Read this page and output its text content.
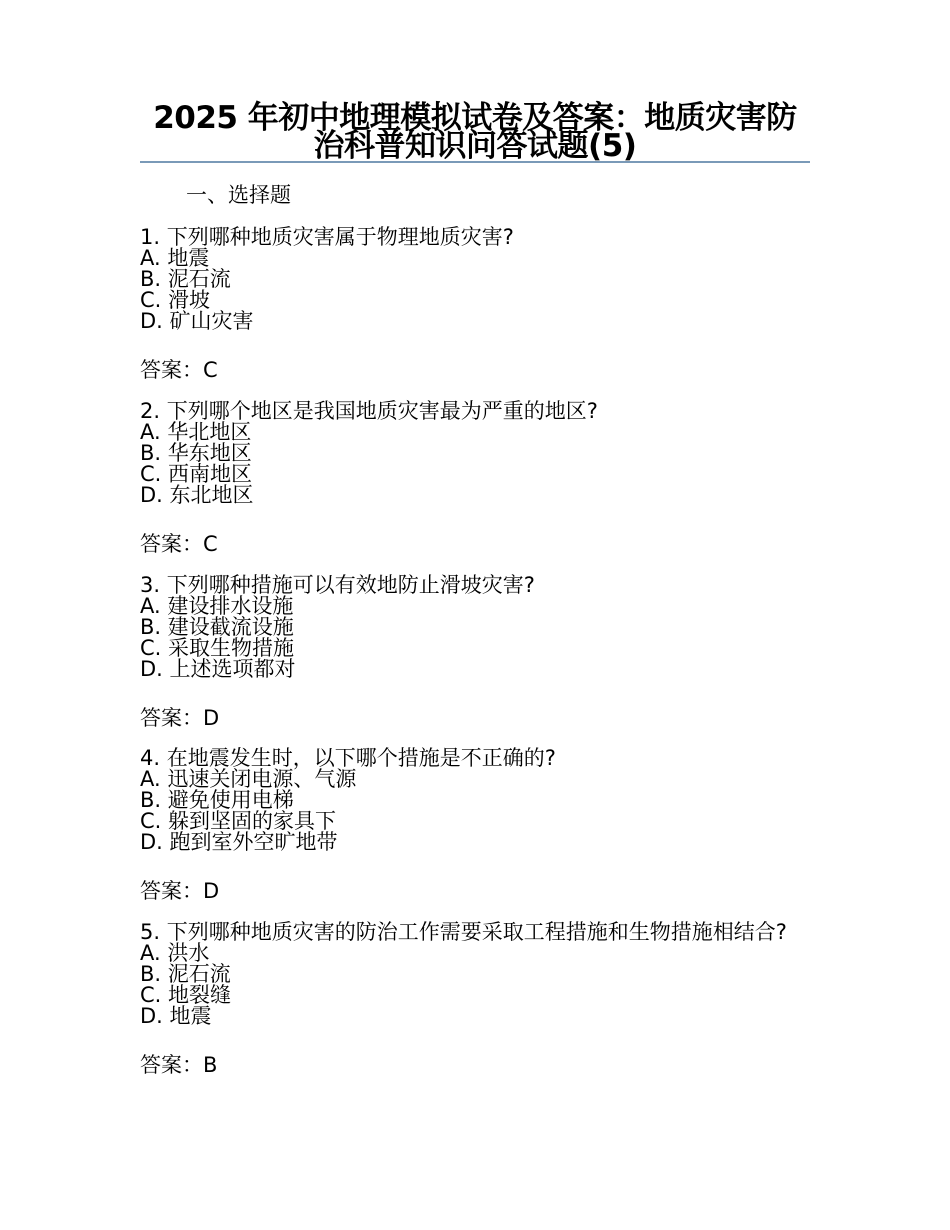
2025 年初中地理模拟试卷及答案：地质灾害防治科普知识问答试题(5)
一、选择题

1. 下列哪种地质灾害属于物理地质灾害?

A. 地震

B. 泥石流

C. 滑坡

D. 矿山灾害

答案：C

2. 下列哪个地区是我国地质灾害最为严重的地区?

A. 华北地区

B. 华东地区

C. 西南地区

D. 东北地区

答案：C

3. 下列哪种措施可以有效地防止滑坡灾害?

A. 建设排水设施

B. 建设截流设施

C. 采取生物措施

D. 上述选项都对

答案：D

4. 在地震发生时，以下哪个措施是不正确的?

A. 迅速关闭电源、气源

B. 避免使用电梯

C. 躲到坚固的家具下

D. 跑到室外空旷地带

答案：D

5. 下列哪种地质灾害的防治工作需要采取工程措施和生物措施相结合?

A. 洪水

B. 泥石流

C. 地裂缝

D. 地震

答案：B
